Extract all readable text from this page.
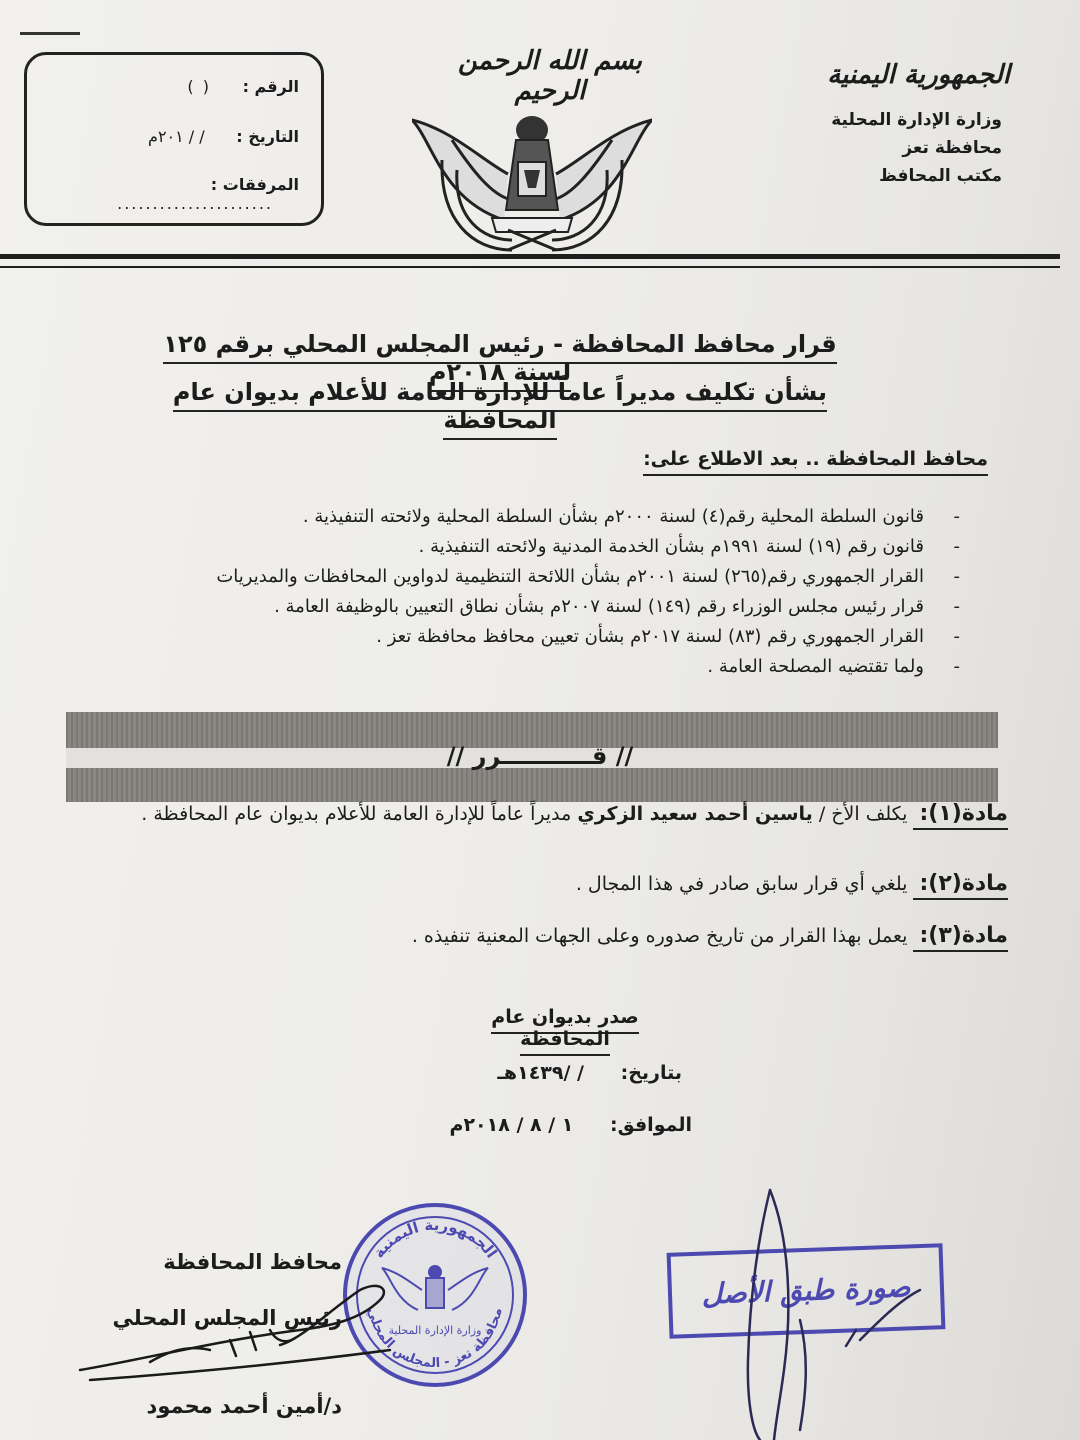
الجمهورية اليمنية
وزارة الإدارة المحلية
محافظة تعز
مكتب المحافظ
بسم الله الرحمن الرحيم
الرقم : ( )
التاريخ : / / ٢٠١م
المرفقات : ......................
قرار محافظ المحافظة - رئيس المجلس المحلي برقم ١٢٥ لسنة ٢٠١٨م
بشأن تكليف مديراً عاماً للإدارة العامة للأعلام بديوان عام المحافظة
محافظ المحافظة .. بعد الاطلاع على:
- قانون السلطة المحلية رقم(٤) لسنة ٢٠٠٠م بشأن السلطة المحلية ولائحته التنفيذية .
- قانون رقم (١٩) لسنة ١٩٩١م بشأن الخدمة المدنية ولائحته التنفيذية .
- القرار الجمهوري رقم(٢٦٥) لسنة ٢٠٠١م بشأن اللائحة التنظيمية لدواوين المحافظات والمديريات
- قرار رئيس مجلس الوزراء رقم (١٤٩) لسنة ٢٠٠٧م بشأن نطاق التعيين بالوظيفة العامة .
- القرار الجمهوري رقم (٨٣) لسنة ٢٠١٧م بشأن تعيين محافظ محافظة تعز .
- ولما تقتضيه المصلحة العامة .
// قـــــــــــرر //
مادة(١): يكلف الأخ / ياسين أحمد سعيد الزكري مديراً عاماً للإدارة العامة للأعلام بديوان عام المحافظة .
مادة(٢): يلغي أي قرار سابق صادر في هذا المجال .
مادة(٣): يعمل بهذا القرار من تاريخ صدوره وعلى الجهات المعنية تنفيذه .
صدر بديوان عام المحافظة
بتاريخ: / /١٤٣٩هـ
الموافق: ١ / ٨ / ٢٠١٨م
محافظ المحافظة
رئيس المجلس المحلي
د/أمين أحمد محمود
الجمهورية اليمنية
محافظة تعز - المجلس المحلي
وزارة الإدارة المحلية
صورة طبق الأصل
